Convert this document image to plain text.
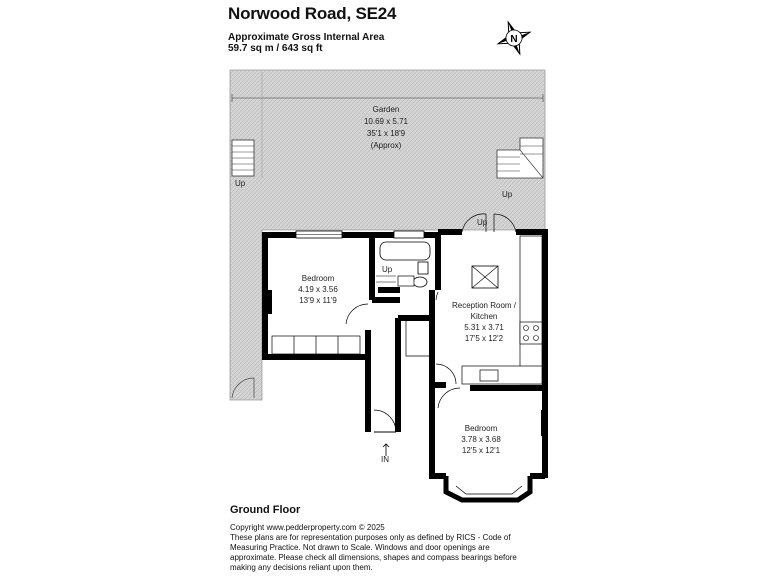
Norwood Road, SE24
Approximate Gross Internal Area
59.7 sq m / 643 sq ft
N
Garden
10.69 x 5.71
35'1 x 18'9
(Approx)
Bedroom
4.19 x 3.56
13'9 x 11'9
Reception Room /
Kitchen
5.31 x 3.71
17'5 x 12'2
Bedroom
3.78 x 3.68
12'5 x 12'1
Up
Up
Up
Up
IN
Ground Floor
Copyright www.pedderproperty.com © 2025
These plans are for representation purposes only as defined by RICS - Code of Measuring Practice. Not drawn to Scale. Windows and door openings are approximate. Please check all dimensions, shapes and compass bearings before making any decisions reliant upon them.
